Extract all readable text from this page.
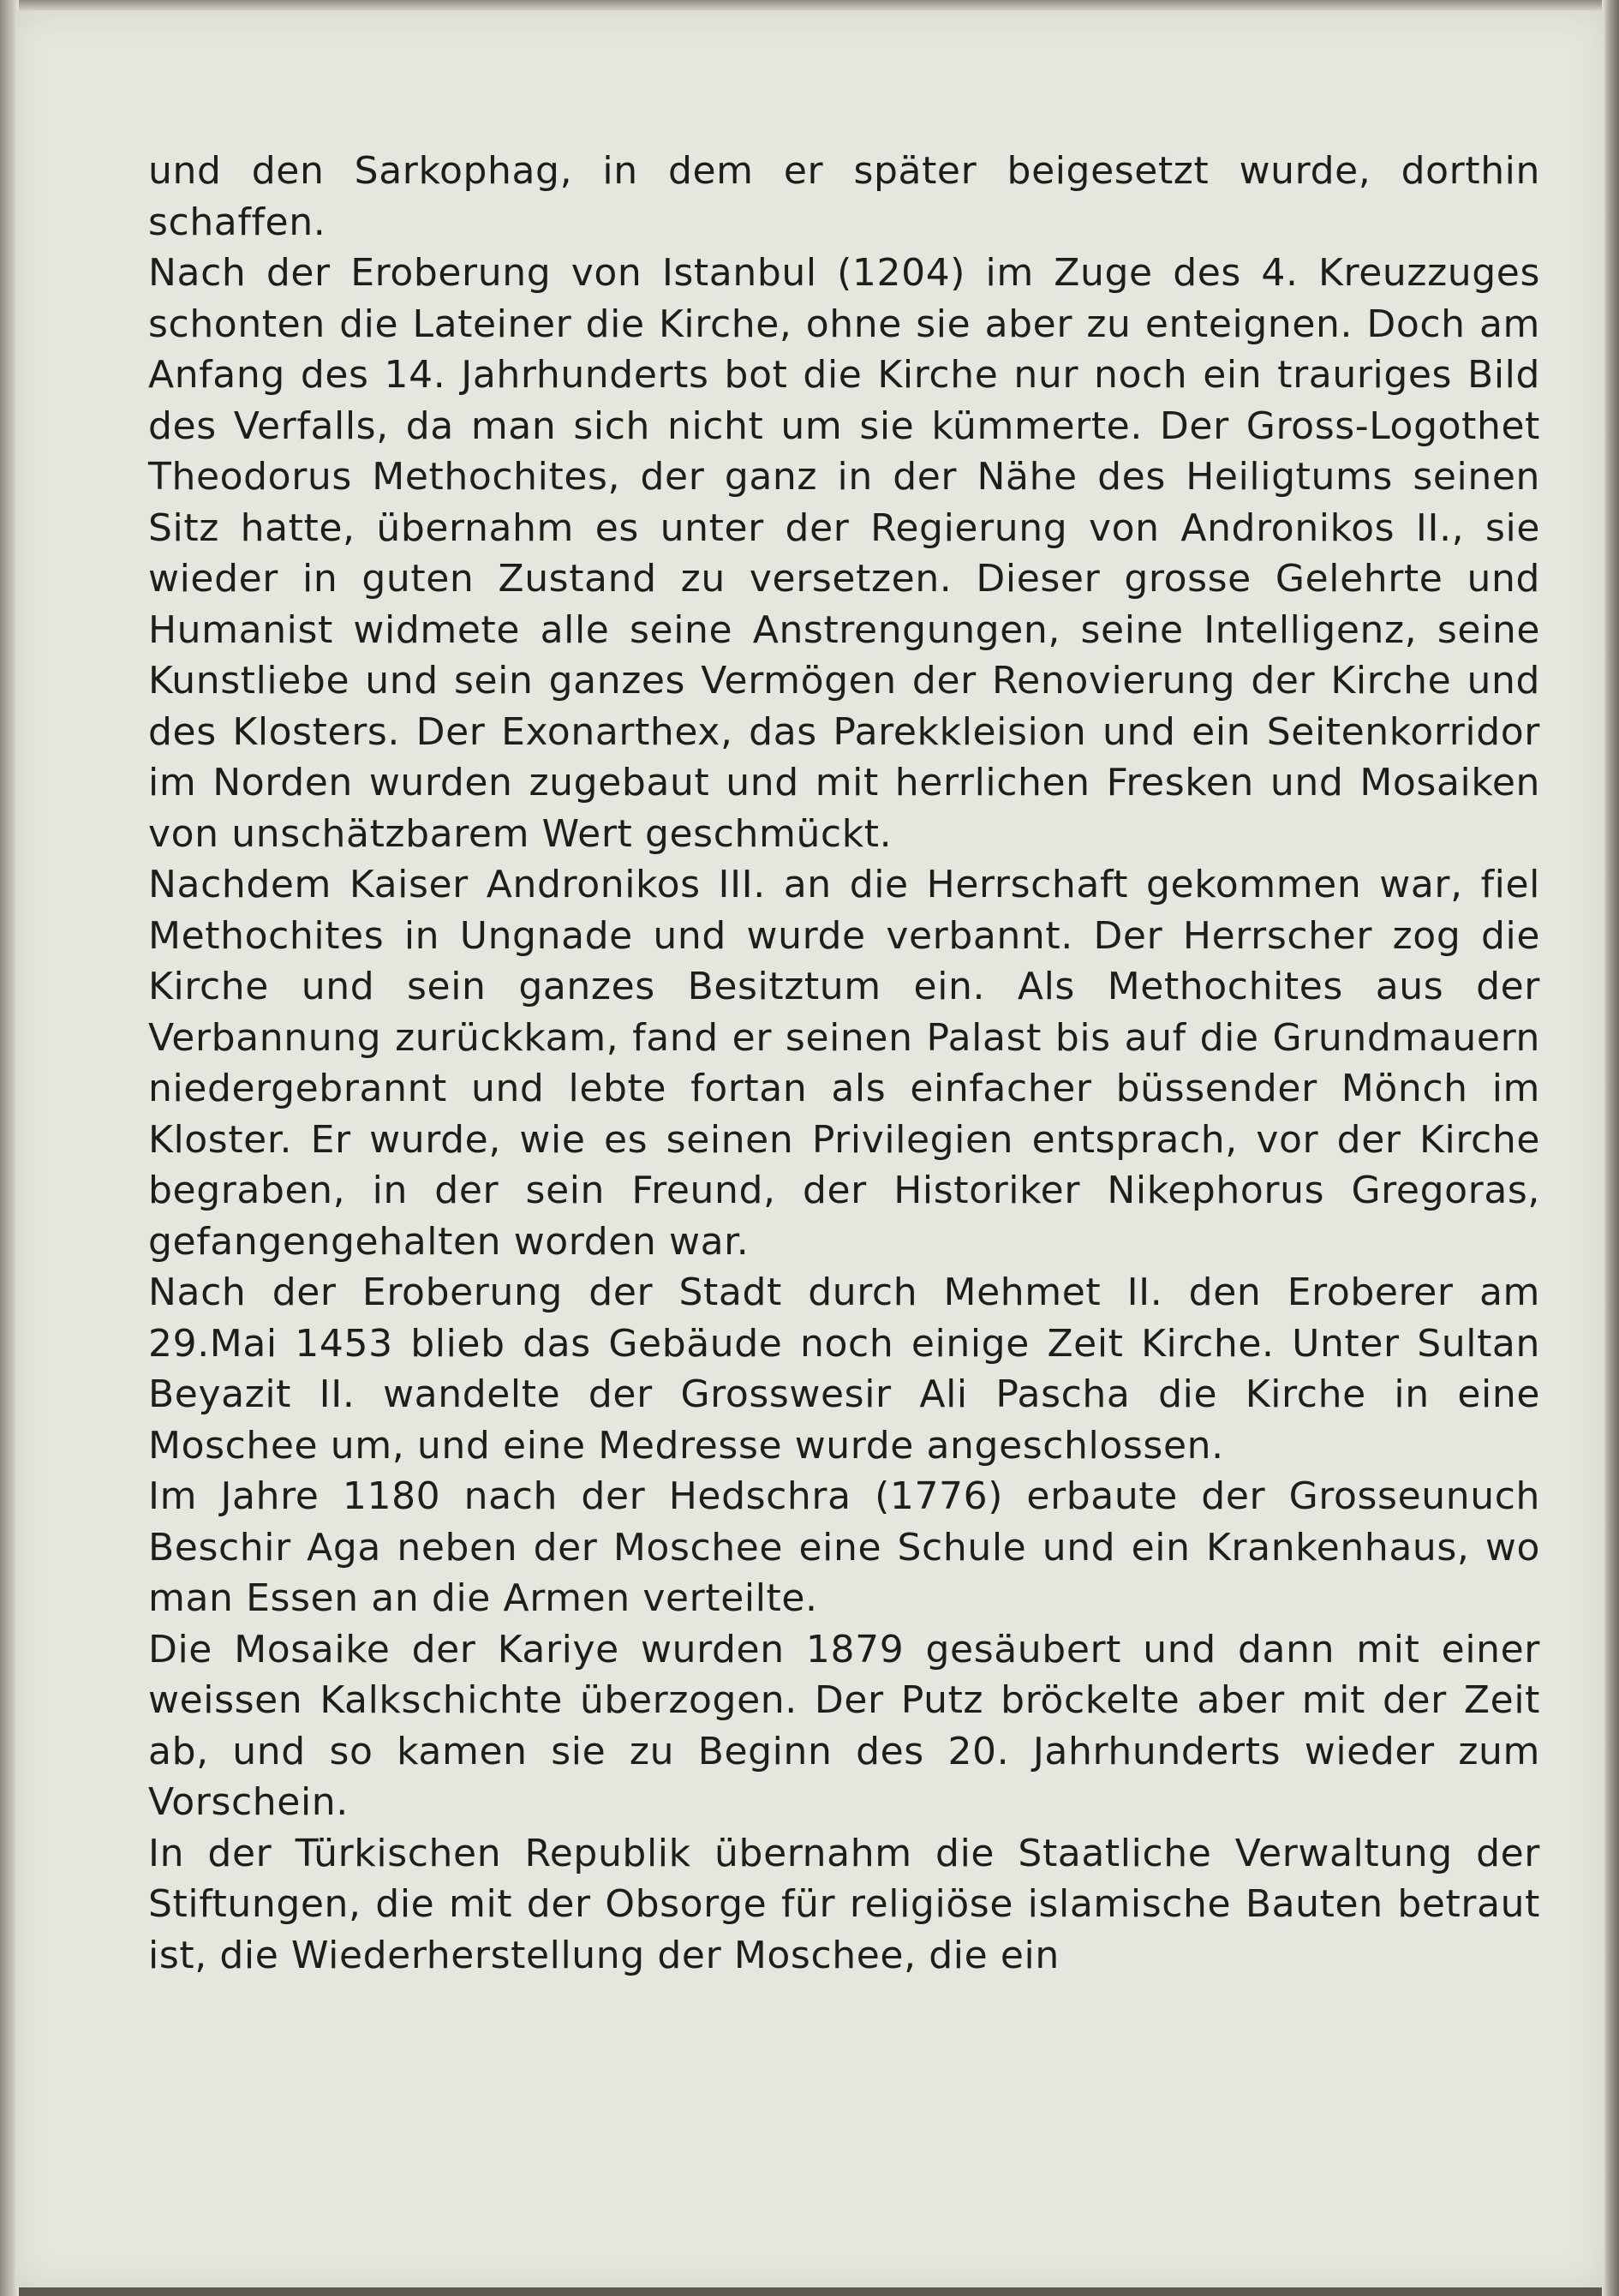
und den Sarkophag, in dem er später beigesetzt wurde, dorthin schaffen.

Nach der Eroberung von Istanbul (1204) im Zuge des 4. Kreuzzuges schonten die Lateiner die Kirche, ohne sie aber zu enteignen. Doch am Anfang des 14. Jahrhunderts bot die Kirche nur noch ein trauriges Bild des Verfalls, da man sich nicht um sie kümmerte. Der Gross-Logothet Theodorus Methochites, der ganz in der Nähe des Heiligtums seinen Sitz hatte, übernahm es unter der Regierung von Andronikos II., sie wieder in guten Zustand zu versetzen. Dieser grosse Gelehrte und Humanist widmete alle seine Anstrengungen, seine Intelligenz, seine Kunstliebe und sein ganzes Vermögen der Renovierung der Kirche und des Klosters. Der Exonarthex, das Parekkleision und ein Seitenkorridor im Norden wurden zugebaut und mit herrlichen Fresken und Mosaiken von unschätzbarem Wert geschmückt.

Nachdem Kaiser Andronikos III. an die Herrschaft gekommen war, fiel Methochites in Ungnade und wurde verbannt. Der Herrscher zog die Kirche und sein ganzes Besitztum ein. Als Methochites aus der Verbannung zurückkam, fand er seinen Palast bis auf die Grundmauern niedergebrannt und lebte fortan als einfacher büssender Mönch im Kloster. Er wurde, wie es seinen Privilegien entsprach, vor der Kirche begraben, in der sein Freund, der Historiker Nikephorus Gregoras, gefangengehalten worden war.

Nach der Eroberung der Stadt durch Mehmet II. den Eroberer am 29.Mai 1453 blieb das Gebäude noch einige Zeit Kirche. Unter Sultan Beyazit II. wandelte der Grosswesir Ali Pascha die Kirche in eine Moschee um, und eine Medresse wurde angeschlossen.

Im Jahre 1180 nach der Hedschra (1776) erbaute der Grosseunuch Beschir Aga neben der Moschee eine Schule und ein Krankenhaus, wo man Essen an die Armen verteilte.

Die Mosaike der Kariye wurden 1879 gesäubert und dann mit einer weissen Kalkschichte überzogen. Der Putz bröckelte aber mit der Zeit ab, und so kamen sie zu Beginn des 20. Jahrhunderts wieder zum Vorschein.

In der Türkischen Republik übernahm die Staatliche Verwaltung der Stiftungen, die mit der Obsorge für religiöse islamische Bauten betraut ist, die Wiederherstellung der Moschee, die ein
